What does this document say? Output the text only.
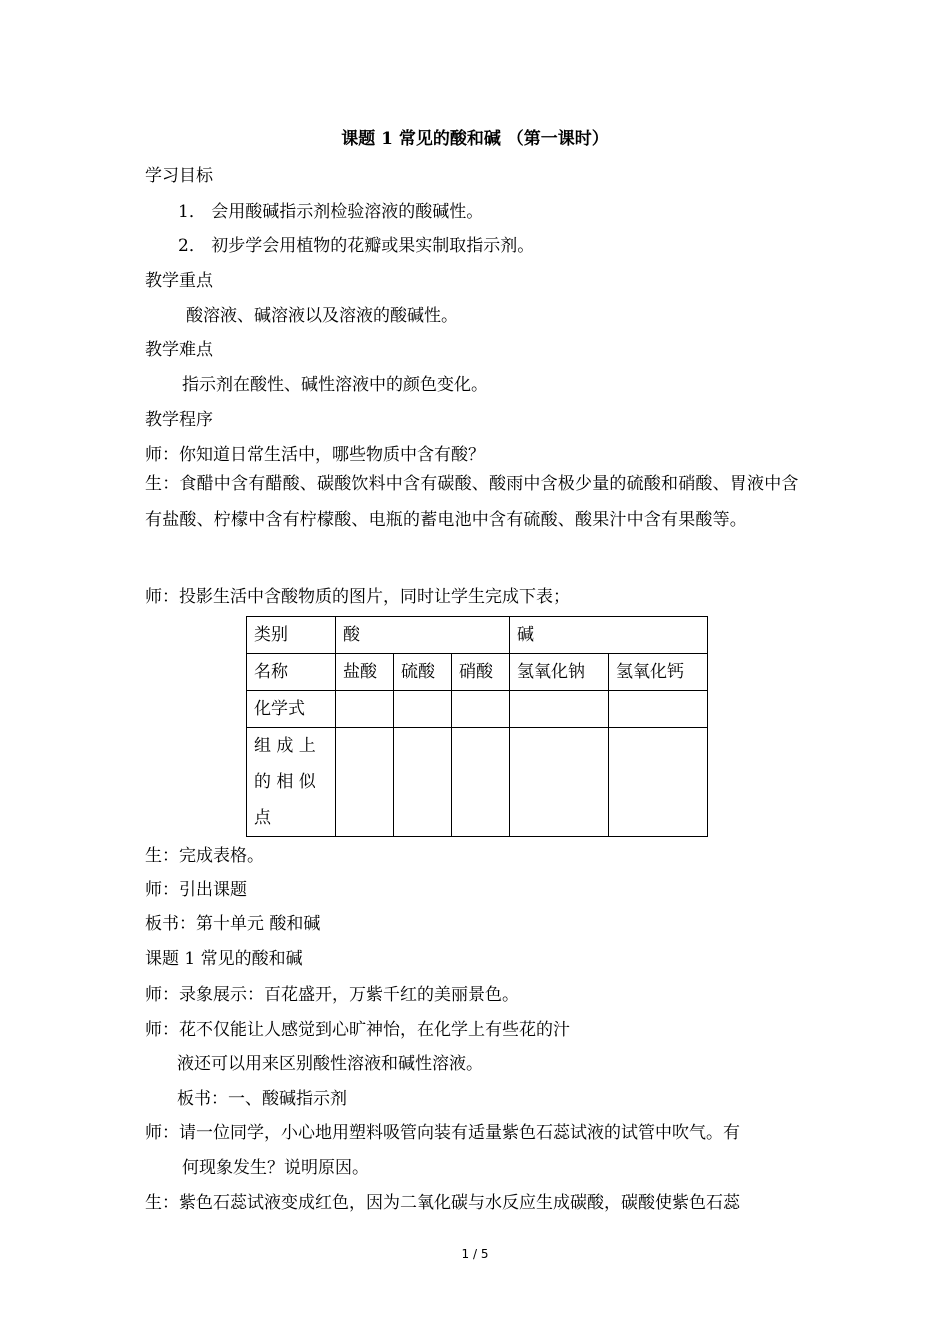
课题 1 常见的酸和碱 （第一课时）
学习目标
1． 会用酸碱指示剂检验溶液的酸碱性。
2． 初步学会用植物的花瓣或果实制取指示剂。
教学重点
酸溶液、碱溶液以及溶液的酸碱性。
教学难点
指示剂在酸性、碱性溶液中的颜色变化。
教学程序
师：你知道日常生活中，哪些物质中含有酸？
生：食醋中含有醋酸、碳酸饮料中含有碳酸、酸雨中含极少量的硫酸和硝酸、胃液中含有盐酸、柠檬中含有柠檬酸、电瓶的蓄电池中含有硫酸、酸果汁中含有果酸等。
师：投影生活中含酸物质的图片，同时让学生完成下表；
类别	酸			碱	
名称	盐酸	硫酸	硝酸	氢氧化钠	氢氧化钙
化学式					

组 成 上
的 相 似
点					

生：完成表格。
师：引出课题
板书：第十单元 酸和碱
课题 1 常见的酸和碱
师：录象展示：百花盛开，万紫千红的美丽景色。
师：花不仅能让人感觉到心旷神怡，在化学上有些花的汁
液还可以用来区别酸性溶液和碱性溶液。
板书：一、酸碱指示剂
师：请一位同学，小心地用塑料吸管向装有适量紫色石蕊试液的试管中吹气。有
何现象发生？说明原因。
生：紫色石蕊试液变成红色，因为二氧化碳与水反应生成碳酸，碳酸使紫色石蕊
1 / 5
